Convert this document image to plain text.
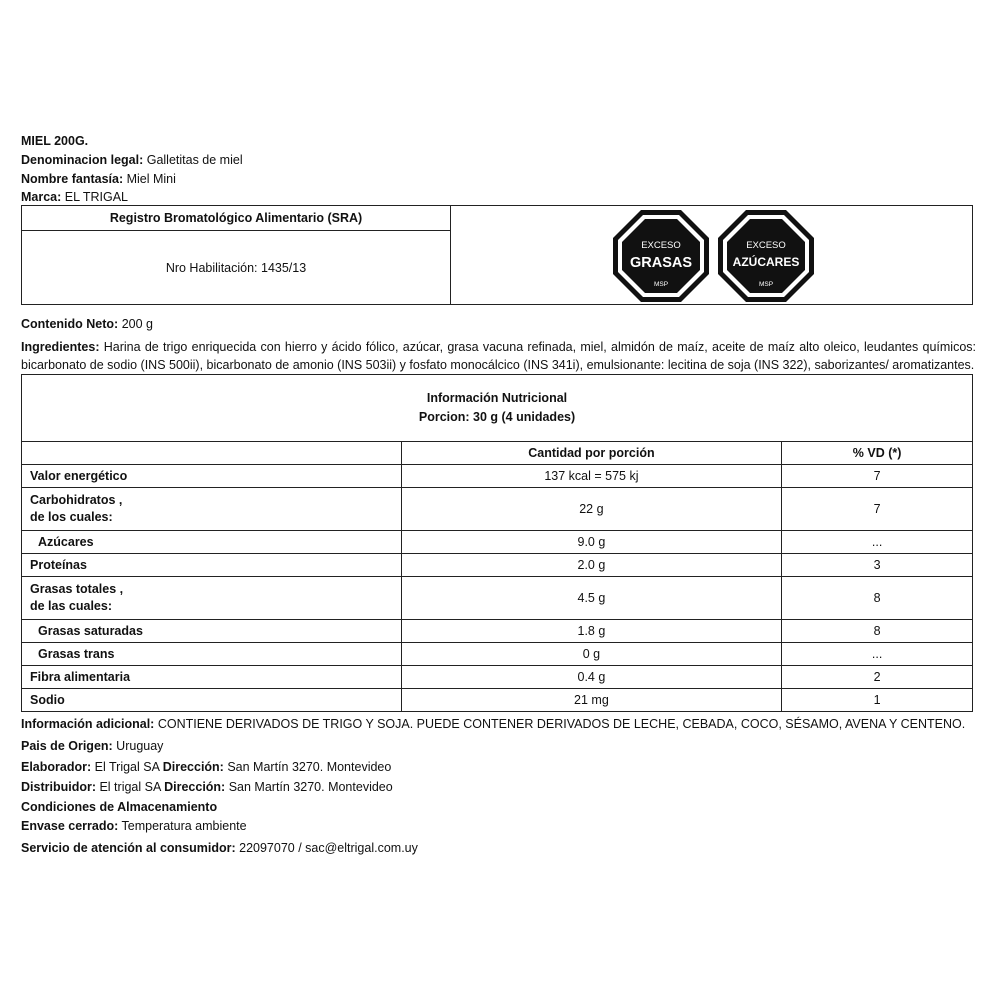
MIEL 200G.
Denominacion legal: Galletitas de miel
Nombre fantasía: Miel Mini
Marca: EL TRIGAL
Registro Bromatológico Alimentario (SRA)
Nro Habilitación: 1435/13
EXCESO
GRASAS
MSP
EXCESO
AZÚCARES
MSP
Contenido Neto: 200 g
Ingredientes: Harina de trigo enriquecida con hierro y ácido fólico, azúcar, grasa vacuna refinada, miel, almidón de maíz, aceite de maíz alto oleico, leudantes químicos: bicarbonato de sodio (INS 500ii), bicarbonato de amonio (INS 503ii) y fosfato monocálcico (INS 341i), emulsionante: lecitina de soja (INS 322), saborizantes/ aromatizantes.
Información Nutricional
Porcion: 30 g (4 unidades)		

	Cantidad por porción	% VD (*)
Valor energético	137 kcal = 575 kj	7

Carbohidratos ,
de los cuales:	22 g	7
Azúcares	9.0 g	...
Proteínas	2.0 g	3

Grasas totales ,
de las cuales:	4.5 g	8
Grasas saturadas	1.8 g	8
Grasas trans	0 g	...
Fibra alimentaria	0.4 g	2
Sodio	21 mg	1
Información adicional: CONTIENE DERIVADOS DE TRIGO Y SOJA. PUEDE CONTENER DERIVADOS DE LECHE, CEBADA, COCO, SÉSAMO, AVENA Y CENTENO.
Pais de Origen: Uruguay
Elaborador: El Trigal SA Dirección: San Martín 3270. Montevideo
Distribuidor: El trigal SA Dirección: San Martín 3270. Montevideo
Condiciones de Almacenamiento
Envase cerrado: Temperatura ambiente
Servicio de atención al consumidor: 22097070 / sac@eltrigal.com.uy
